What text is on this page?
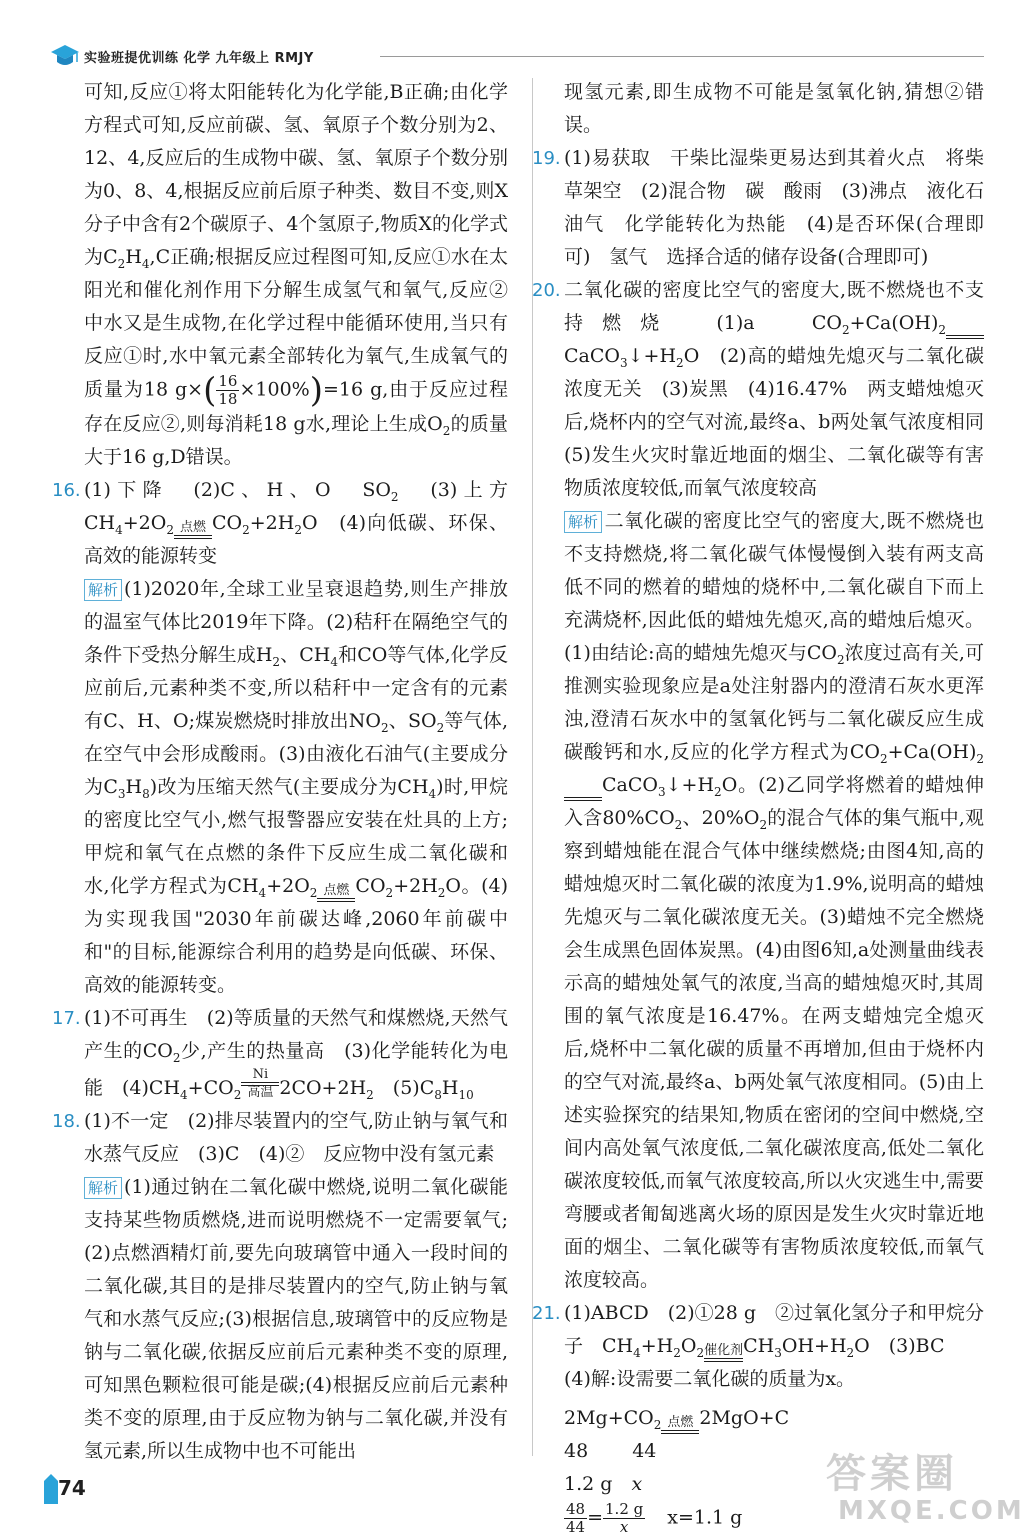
实验班提优训练 化学 九年级上 RMJY

可知,反应①将太阳能转化为化学能,B正确;由化学方程式可知,反应前碳、氢、氧原子个数分别为2、12、4,反应后的生成物中碳、氢、氧原子个数分别为0、8、4,根据反应前后原子种类、数目不变,则X分子中含有2个碳原子、4个氢原子,物质X的化学式为$C_2H_4,C$正确;根据反应过程图可知,反应①水在太阳光和催化剂作用下分解生成氢气和氧气,反应②中水又是生成物,在化学过程中能循环使用,当只有反应①时,水中氧元素全部转化为氧气,生成氧气的质量为18 $g\times( \frac{16}{18} \times 100\%)=16$ g,由于反应过程存在反应②,则每消耗18 g水,理论上生成$O_2$的质量大于16 g,D错误。

16. (1)下降　(2)C、H、O　$SO_2$　(3)上方　$CH_4+2O_2$ 点燃 $CO_2+2H_2O$　(4)向低碳、环保、高效的能源转变

解析 (1)2020年,全球工业呈衰退趋势,则生产排放的温室气体比2019年下降。(2)秸秆在隔绝空气的条件下受热分解生成$H_2$、$CH_4$和CO等气体,化学反应前后,元素种类不变,所以秸秆中一定含有的元素有C、H、O;煤炭燃烧时排放出$NO_2$、$SO_2$等气体,在空气中会形成酸雨。(3)由液化石油气(主要成分为$C_3H_8$)改为压缩天然气(主要成分为$CH_4$)时,甲烷的密度比空气小,燃气报警器应安装在灶具的上方;甲烷和氧气在点燃的条件下反应生成二氧化碳和水,化学方程式为$CH_4+2O_2$ 点燃 $CO_2+2H_2O$。(4)为实现我国"2030年前碳达峰,2060年前碳中和"的目标,能源综合利用的趋势是向低碳、环保、高效的能源转变。

17. (1)不可再生　(2)等质量的天然气和煤燃烧,天然气产生的$CO_2$少,产生的热量高　(3)化学能转化为电能　$(4)CH_4+CO_2$
Ni
高温 $2CO+2H_2$　$(5)C_8H_{10}$

18. (1)不一定　(2)排尽装置内的空气,防止钠与氧气和水蒸气反应　(3)C　(4)②　反应物中没有氢元素

解析 (1)通过钠在二氧化碳中燃烧,说明二氧化碳能支持某些物质燃烧,进而说明燃烧不一定需要氧气;(2)点燃酒精灯前,要先向玻璃管中通入一段时间的二氧化碳,其目的是排尽装置内的空气,防止钠与氧气和水蒸气反应;(3)根据信息,玻璃管中的反应物是钠与二氧化碳,依据反应前后元素种类不变的原理,可知黑色颗粒很可能是碳;(4)根据反应前后元素种类不变的原理,由于反应物为钠与二氧化碳,并没有氢元素,所以生成物中也不可能出

现氢元素,即生成物不可能是氢氧化钠,猜想②错误。

19. (1)易获取　干柴比湿柴更易达到其着火点　将柴草架空　(2)混合物　碳　酸雨　(3)沸点　液化石油气　化学能转化为热能　(4)是否环保(合理即可)　氢气　选择合适的储存设备(合理即可)

20. 二氧化碳的密度比空气的密度大,既不燃烧也不支持燃烧　(1)a　$CO_2+Ca(OH)_2$

$CaCO_3↓+H_2O$　(2)高的蜡烛先熄灭与二氧化碳浓度无关　(3)炭黑　(4)16.47%　两支蜡烛熄灭后,烧杯内的空气对流,最终a、b两处氧气浓度相同　(5)发生火灾时靠近地面的烟尘、二氧化碳等有害物质浓度较低,而氧气浓度较高

解析 二氧化碳的密度比空气的密度大,既不燃烧也不支持燃烧,将二氧化碳气体慢慢倒入装有两支高低不同的燃着的蜡烛的烧杯中,二氧化碳自下而上充满烧杯,因此低的蜡烛先熄灭,高的蜡烛后熄灭。(1)由结论:高的蜡烛先熄灭与$CO_2$浓度过高有关,可推测实验现象应是a处注射器内的澄清石灰水更浑浊,澄清石灰水中的氢氧化钙与二氧化碳反应生成碳酸钙和水,反应的化学方程式为$CO_2+Ca(OH)_2$

$CaCO_3↓+H_2O$。(2)乙同学将燃着的蜡烛伸入含$80\%CO_2$、$20\%O_2$的混合气体的集气瓶中,观察到蜡烛能在混合气体中继续燃烧;由图4知,高的蜡烛熄灭时二氧化碳的浓度为1.9%,说明高的蜡烛先熄灭与二氧化碳浓度无关。(3)蜡烛不完全燃烧会生成黑色固体炭黑。(4)由图6知,a处测量曲线表示高的蜡烛处氧气的浓度,当高的蜡烛熄灭时,其周围的氧气浓度是16.47%。在两支蜡烛完全熄灭后,烧杯中二氧化碳的质量不再增加,但由于烧杯内的空气对流,最终a、b两处氧气浓度相同。(5)由上述实验探究的结果知,物质在密闭的空间中燃烧,空间内高处氧气浓度低,二氧化碳浓度高,低处二氧化碳浓度较低,而氧气浓度较高,所以火灾逃生中,需要弯腰或者匍匐逃离火场的原因是发生火灾时靠近地面的烟尘、二氧化碳等有害物质浓度较低,而氧气浓度较高。

21. (1)ABCD　(2)①28 g　②过氧化氢分子和甲烷分子　$CH_4+H_2O_2$ 催化剂 $CH_3OH+H_2O$　(3)BC

(4)解:设需要二氧化碳的质量为x。

$2Mg+CO_2$ 点燃 2MgO+C
48 44
1.2 g　 x
$\frac{48}{44} = \frac{1.2 g}{x} x=1.1$ g
74	答案圈
MXQE.COM
